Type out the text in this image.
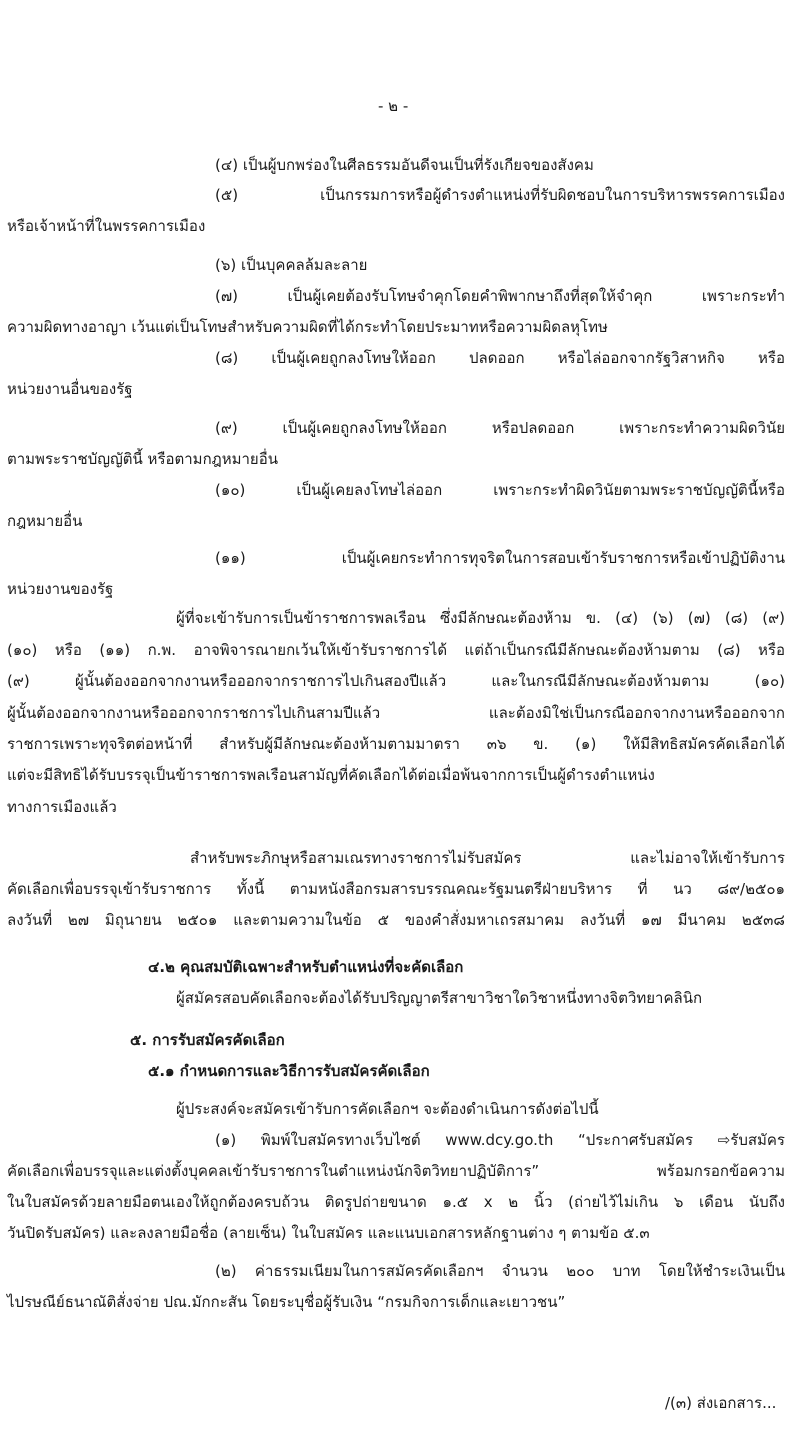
- ๒ -
(๔) เป็นผู้บกพร่องในศีลธรรมอันดีจนเป็นที่รังเกียจของสังคม
(๕) เป็นกรรมการหรือผู้ดำรงตำแหน่งที่รับผิดชอบในการบริหารพรรคการเมือง
หรือเจ้าหน้าที่ในพรรคการเมือง
(๖) เป็นบุคคลล้มละลาย
(๗) เป็นผู้เคยต้องรับโทษจำคุกโดยคำพิพากษาถึงที่สุดให้จำคุก เพราะกระทำ
ความผิดทางอาญา เว้นแต่เป็นโทษสำหรับความผิดที่ได้กระทำโดยประมาทหรือความผิดลหุโทษ
(๘) เป็นผู้เคยถูกลงโทษให้ออก ปลดออก หรือไล่ออกจากรัฐวิสาหกิจ หรือ
หน่วยงานอื่นของรัฐ
(๙) เป็นผู้เคยถูกลงโทษให้ออก หรือปลดออก เพราะกระทำความผิดวินัย
ตามพระราชบัญญัตินี้ หรือตามกฎหมายอื่น
(๑๐) เป็นผู้เคยลงโทษไล่ออก เพราะกระทำผิดวินัยตามพระราชบัญญัตินี้หรือ
กฎหมายอื่น
(๑๑) เป็นผู้เคยกระทำการทุจริตในการสอบเข้ารับราชการหรือเข้าปฏิบัติงาน
หน่วยงานของรัฐ
ผู้ที่จะเข้ารับการเป็นข้าราชการพลเรือน ซึ่งมีลักษณะต้องห้าม ข. (๔) (๖) (๗) (๘) (๙)
(๑๐) หรือ (๑๑) ก.พ. อาจพิจารณายกเว้นให้เข้ารับราชการได้ แต่ถ้าเป็นกรณีมีลักษณะต้องห้ามตาม (๘) หรือ
(๙) ผู้นั้นต้องออกจากงานหรือออกจากราชการไปเกินสองปีแล้ว และในกรณีมีลักษณะต้องห้ามตาม (๑๐)
ผู้นั้นต้องออกจากงานหรือออกจากราชการไปเกินสามปีแล้ว และต้องมิใช่เป็นกรณีออกจากงานหรือออกจาก
ราชการเพราะทุจริตต่อหน้าที่ สำหรับผู้มีลักษณะต้องห้ามตามมาตรา ๓๖ ข. (๑) ให้มีสิทธิสมัครคัดเลือกได้
แต่จะมีสิทธิได้รับบรรจุเป็นข้าราชการพลเรือนสามัญที่คัดเลือกได้ต่อเมื่อพ้นจากการเป็นผู้ดำรงตำแหน่ง
ทางการเมืองแล้ว
สำหรับพระภิกษุหรือสามเณรทางราชการไม่รับสมัคร และไม่อาจให้เข้ารับการ
คัดเลือกเพื่อบรรจุเข้ารับราชการ ทั้งนี้ ตามหนังสือกรมสารบรรณคณะรัฐมนตรีฝ่ายบริหาร ที่ นว ๘๙/๒๕๐๑
ลงวันที่ ๒๗ มิถุนายน ๒๕๐๑ และตามความในข้อ ๕ ของคำสั่งมหาเถรสมาคม ลงวันที่ ๑๗ มีนาคม ๒๕๓๘
๔.๒ คุณสมบัติเฉพาะสำหรับตำแหน่งที่จะคัดเลือก
ผู้สมัครสอบคัดเลือกจะต้องได้รับปริญญาตรีสาขาวิชาใดวิชาหนึ่งทางจิตวิทยาคลินิก
๕. การรับสมัครคัดเลือก
๕.๑ กำหนดการและวิธีการรับสมัครคัดเลือก
ผู้ประสงค์จะสมัครเข้ารับการคัดเลือกฯ จะต้องดำเนินการดังต่อไปนี้
(๑) พิมพ์ใบสมัครทางเว็บไซต์ www.dcy.go.th “ประกาศรับสมัคร ⇨รับสมัคร
คัดเลือกเพื่อบรรจุและแต่งตั้งบุคคลเข้ารับราชการในตำแหน่งนักจิตวิทยาปฏิบัติการ” พร้อมกรอกข้อความ
ในใบสมัครด้วยลายมือตนเองให้ถูกต้องครบถ้วน ติดรูปถ่ายขนาด ๑.๕ x ๒ นิ้ว (ถ่ายไว้ไม่เกิน ๖ เดือน นับถึง
วันปิดรับสมัคร) และลงลายมือชื่อ (ลายเซ็น) ในใบสมัคร และแนบเอกสารหลักฐานต่าง ๆ ตามข้อ ๕.๓
(๒) ค่าธรรมเนียมในการสมัครคัดเลือกฯ จำนวน ๒๐๐ บาท โดยให้ชำระเงินเป็น
ไปรษณีย์ธนาณัติสั่งจ่าย ปณ.มักกะสัน โดยระบุชื่อผู้รับเงิน “กรมกิจการเด็กและเยาวชน”
/(๓) ส่งเอกสาร...
